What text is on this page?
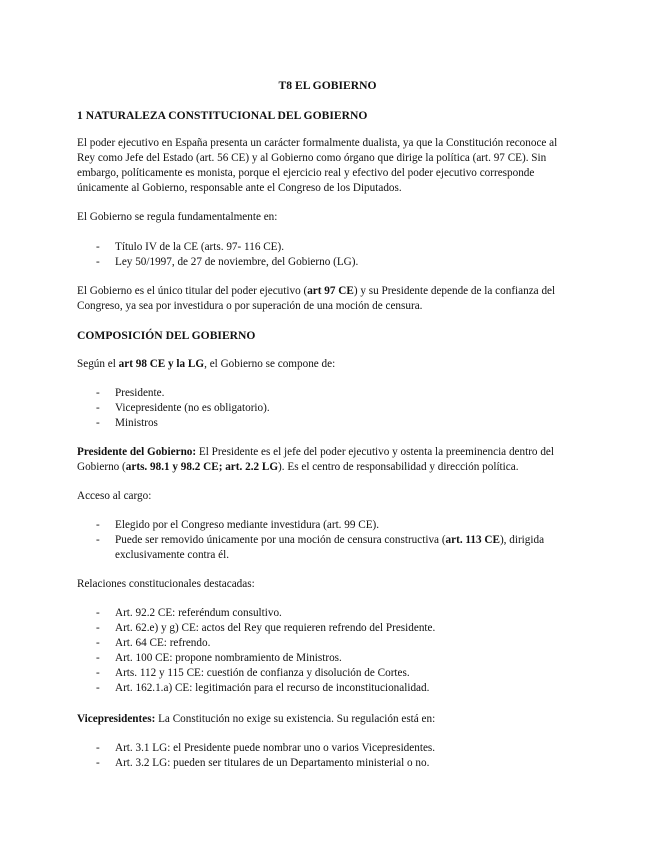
T8 EL GOBIERNO
1 NATURALEZA CONSTITUCIONAL DEL GOBIERNO

El poder ejecutivo en España presenta un carácter formalmente dualista, ya que la Constitución reconoce al Rey como Jefe del Estado (art. 56 CE) y al Gobierno como órgano que dirige la política (art. 97 CE). Sin embargo, políticamente es monista, porque el ejercicio real y efectivo del poder ejecutivo corresponde únicamente al Gobierno, responsable ante el Congreso de los Diputados.

El Gobierno se regula fundamentalmente en:

- Título IV de la CE (arts. 97- 116 CE).
- Ley 50/1997, de 27 de noviembre, del Gobierno (LG).

El Gobierno es el único titular del poder ejecutivo (art 97 CE) y su Presidente depende de la confianza del Congreso, ya sea por investidura o por superación de una moción de censura.

COMPOSICIÓN DEL GOBIERNO

Según el art 98 CE y la LG, el Gobierno se compone de:

- Presidente.
- Vicepresidente (no es obligatorio).
- Ministros

Presidente del Gobierno: El Presidente es el jefe del poder ejecutivo y ostenta la preeminencia dentro del Gobierno (arts. 98.1 y 98.2 CE; art. 2.2 LG). Es el centro de responsabilidad y dirección política.

Acceso al cargo:

- Elegido por el Congreso mediante investidura (art. 99 CE).
- Puede ser removido únicamente por una moción de censura constructiva (art. 113 CE), dirigida exclusivamente contra él.

Relaciones constitucionales destacadas:

- Art. 92.2 CE: referéndum consultivo.
- Art. 62.e) y g) CE: actos del Rey que requieren refrendo del Presidente.
- Art. 64 CE: refrendo.
- Art. 100 CE: propone nombramiento de Ministros.
- Arts. 112 y 115 CE: cuestión de confianza y disolución de Cortes.
- Art. 162.1.a) CE: legitimación para el recurso de inconstitucionalidad.

Vicepresidentes: La Constitución no exige su existencia. Su regulación está en:

- Art. 3.1 LG: el Presidente puede nombrar uno o varios Vicepresidentes.
- Art. 3.2 LG: pueden ser titulares de un Departamento ministerial o no.
